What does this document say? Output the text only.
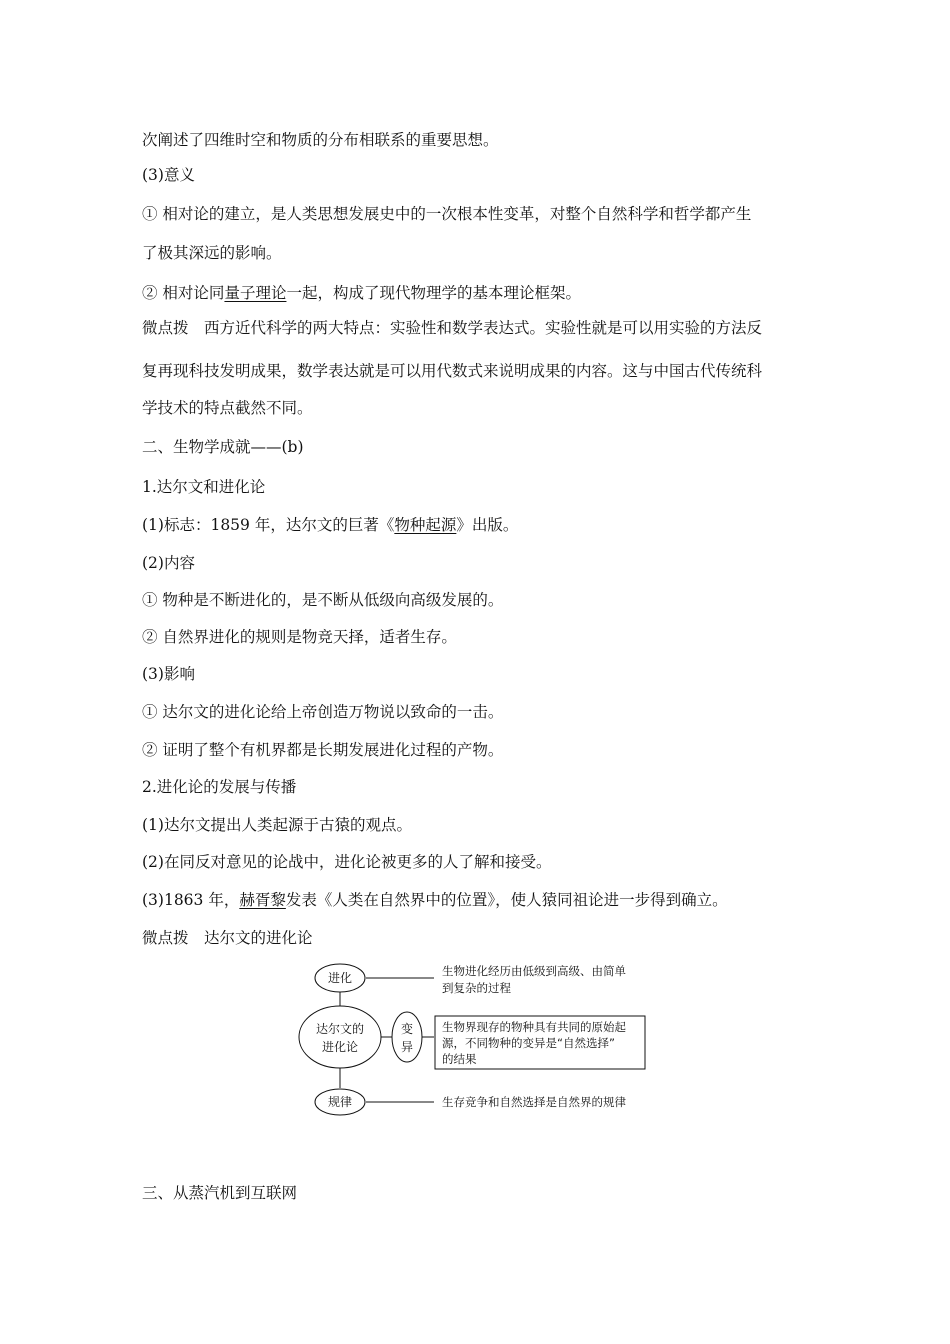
次阐述了四维时空和物质的分布相联系的重要思想。
(3)意义
① 相对论的建立，是人类思想发展史中的一次根本性变革，对整个自然科学和哲学都产生
了极其深远的影响。
② 相对论同量子理论一起，构成了现代物理学的基本理论框架。
微点拨　西方近代科学的两大特点：实验性和数学表达式。实验性就是可以用实验的方法反
复再现科技发明成果，数学表达就是可以用代数式来说明成果的内容。这与中国古代传统科
学技术的特点截然不同。
二、生物学成就——(b)
1.达尔文和进化论
(1)标志：1859 年，达尔文的巨著《物种起源》出版。
(2)内容
① 物种是不断进化的，是不断从低级向高级发展的。
② 自然界进化的规则是物竞天择，适者生存。
(3)影响
① 达尔文的进化论给上帝创造万物说以致命的一击。
② 证明了整个有机界都是长期发展进化过程的产物。
2.进化论的发展与传播
(1)达尔文提出人类起源于古猿的观点。
(2)在同反对意见的论战中，进化论被更多的人了解和接受。
(3)1863 年，赫胥黎发表《人类在自然界中的位置》，使人猿同祖论进一步得到确立。
微点拨　达尔文的进化论
三、从蒸汽机到互联网
进化
达尔文的
进化论
变
异
规律
生物进化经历由低级到高级、由简单
到复杂的过程
生物界现存的物种具有共同的原始起
源，不同物种的变异是“自然选择”
的结果
生存竞争和自然选择是自然界的规律
